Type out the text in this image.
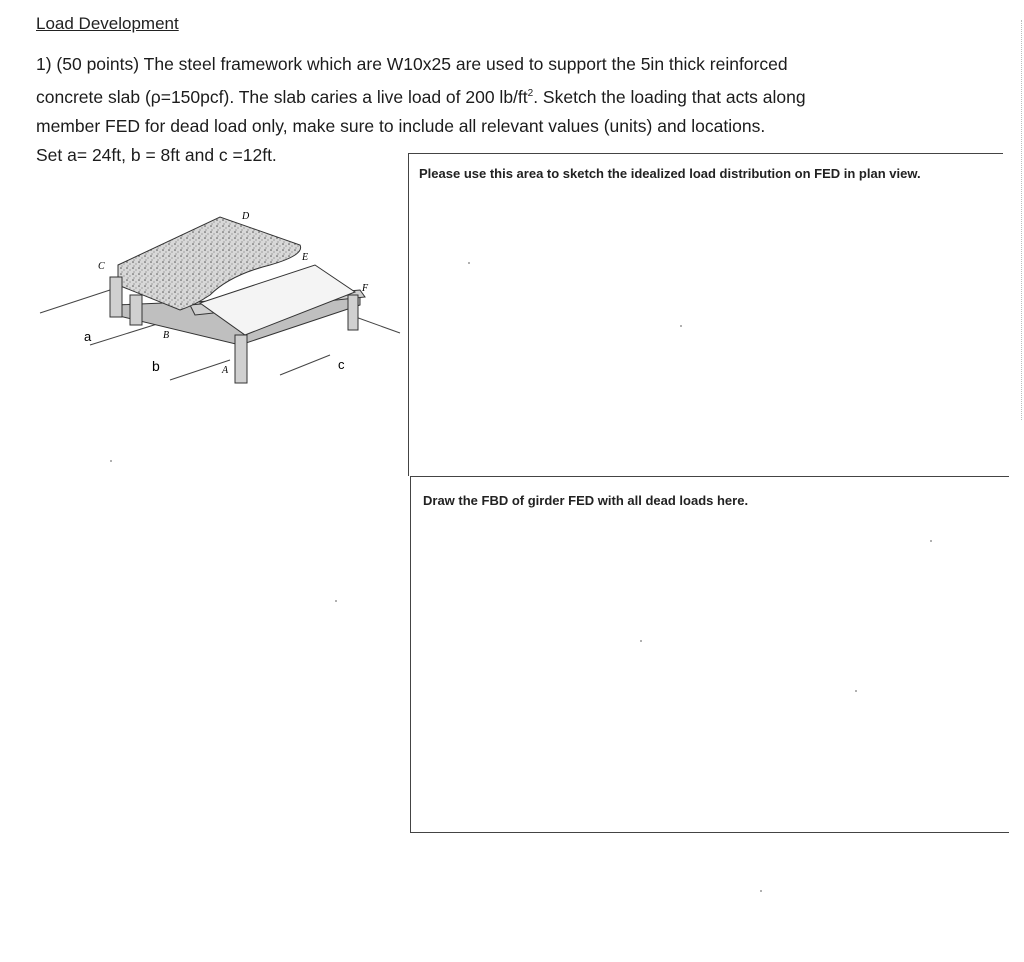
Load Development

1) (50 points) The steel framework which are W10x25 are used to support the 5in thick reinforced

concrete slab (ρ=150pcf). The slab caries a live load of 200 $lb/ft^2$. Sketch the loading that acts along

member FED for dead load only, make sure to include all relevant values (units) and locations.

Set a= 24ft, b = 8ft and c =12ft.

D
C
E
F
B
A
a
b	c
Please use this area to sketch the idealized load distribution on FED in plan view.
Draw the FBD of girder FED with all dead loads here.
